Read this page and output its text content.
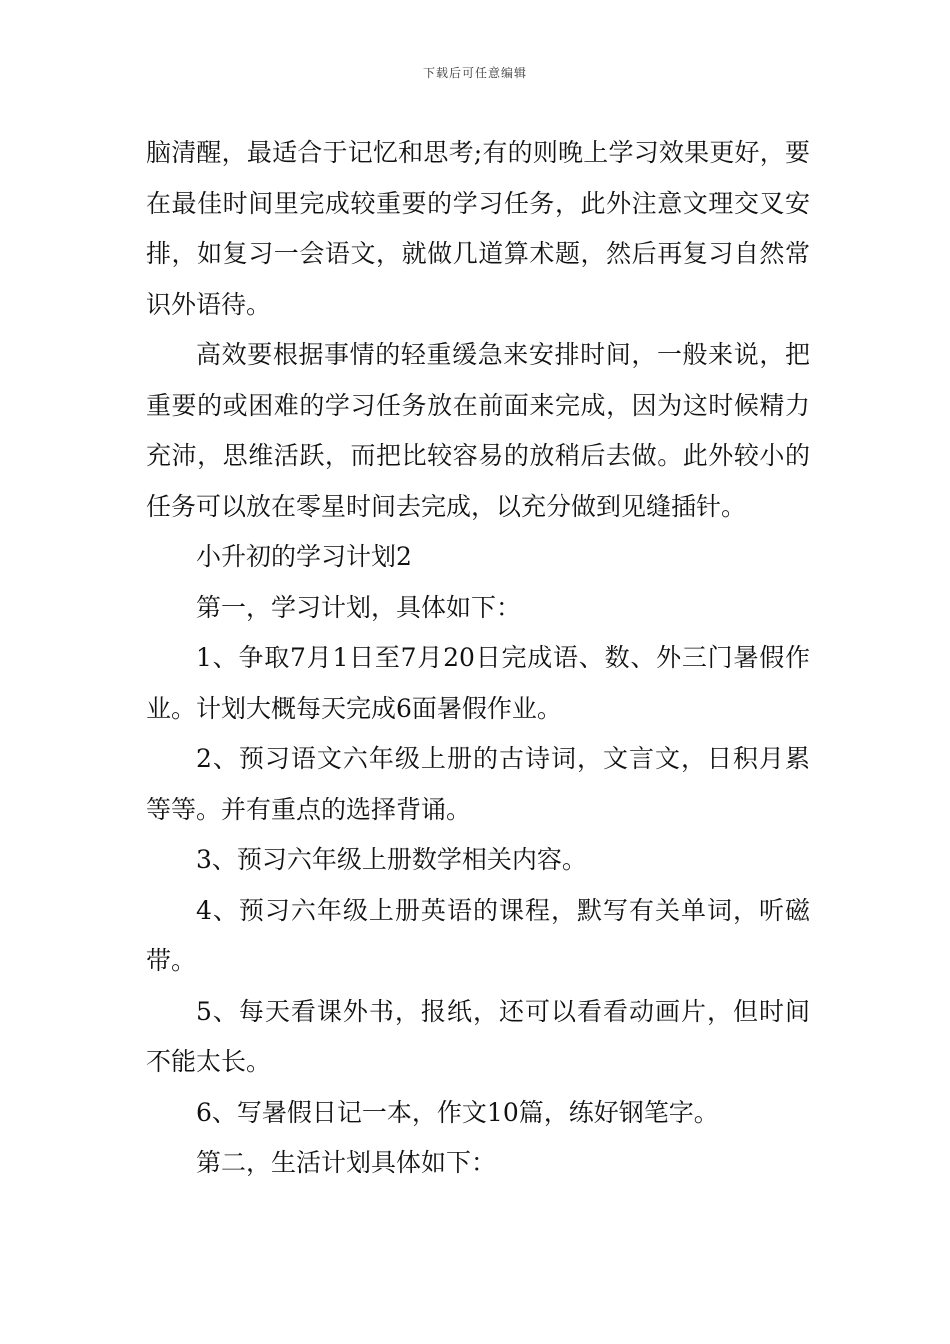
下载后可任意编辑

脑清醒，最适合于记忆和思考;有的则晚上学习效果更好，要在最佳时间里完成较重要的学习任务，此外注意文理交叉安排，如复习一会语文，就做几道算术题，然后再复习自然常识外语待。

高效要根据事情的轻重缓急来安排时间，一般来说，把重要的或困难的学习任务放在前面来完成，因为这时候精力充沛，思维活跃，而把比较容易的放稍后去做。此外较小的任务可以放在零星时间去完成，以充分做到见缝插针。

小升初的学习计划2

第一，学习计划，具体如下：

1、争取7月1日至7月20日完成语、数、外三门暑假作业。计划大概每天完成6面暑假作业。

2、预习语文六年级上册的古诗词，文言文，日积月累等等。并有重点的选择背诵。

3、预习六年级上册数学相关内容。

4、预习六年级上册英语的课程，默写有关单词，听磁带。

5、每天看课外书，报纸，还可以看看动画片，但时间不能太长。

6、写暑假日记一本，作文10篇，练好钢笔字。

第二，生活计划具体如下：
